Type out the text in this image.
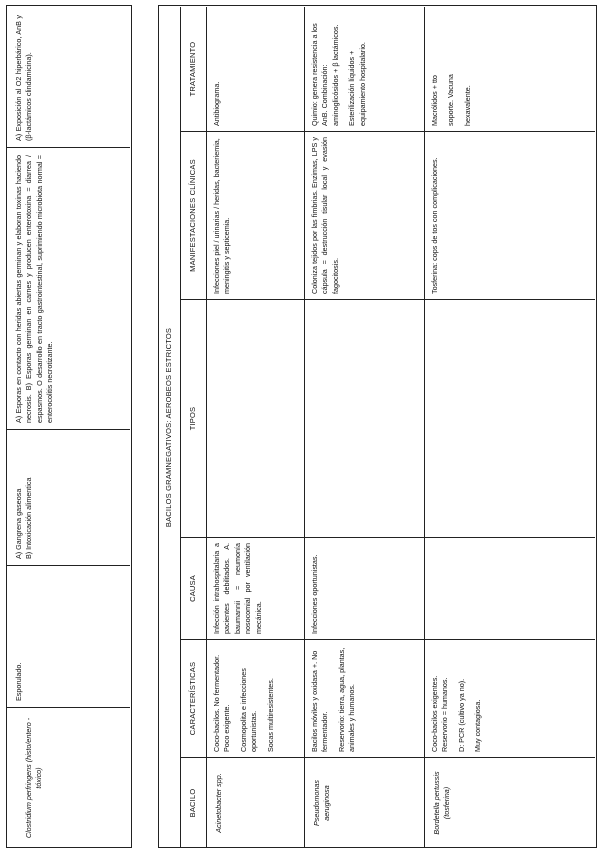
Clostridium perfringens (histo/entero - tóxico)
Esporulado.
A) Gangrena gaseosa B) Intoxicación alimentica
A) Esporas en contacto con heridas abiertas germinan y elaboran toxinas haciendo necrosis. B) Esporas germinan en carnes y producen enterotoxina = diarrea / espasmos. O desarrollo en tracto gastrointestinal, suprimiendo microbiota normal = enterocolitis necrotizante.
A) Exposición al O2 hiperbárico, AnB y (β-lactámicos clindamicina).
BACILOS GRAMNEGATIVOS: AEROBEOS ESTRICTOS
BACILO
CARACTERÍSTICAS
CAUSA
TIPOS
MANIFESTACIONES CLÍNICAS
TRATAMIENTO
Acinetobacter spp.

Coco-bacilos. No fermentador. Poco exigente. Cosmopolita e infecciones oportunistas. Socas multiresistentes.

Infección intrahospitalaria a pacientes debilitados. A. baumannii = neumonía nosocomial por ventilación mecánica.
Infecciones piel / urinarias / heridas, bacteriemia, meningitis y septicemia.

Antibiograma.

Pseudomonas aeruginosa

Bacilos móviles y oxidasa +. No fermentador. Reservorio: tierra, agua, plantas, animales y humanos.

Infecciones oportunistas.
Coloniza tejidos por las fimbrias. Enzimas, LPS y cápsula = destrucción tisular local y evasión fagocitosis.

Quimio: genera resistencia a los AnB. Combinación: aminoglicósidos + β lactámicos. Esterilización líquidos + equipamiento hospitalario.

Bordetella pertussis (tosferina)

Coco-bacilos exigentes. Reservorio = humanos. D: PCR (cultivo ya no). Muy contagiosa.

Tosferina: cops de tos con complicaciones.

Macrólidos + tto soporte. Vacuna hexavalente.
